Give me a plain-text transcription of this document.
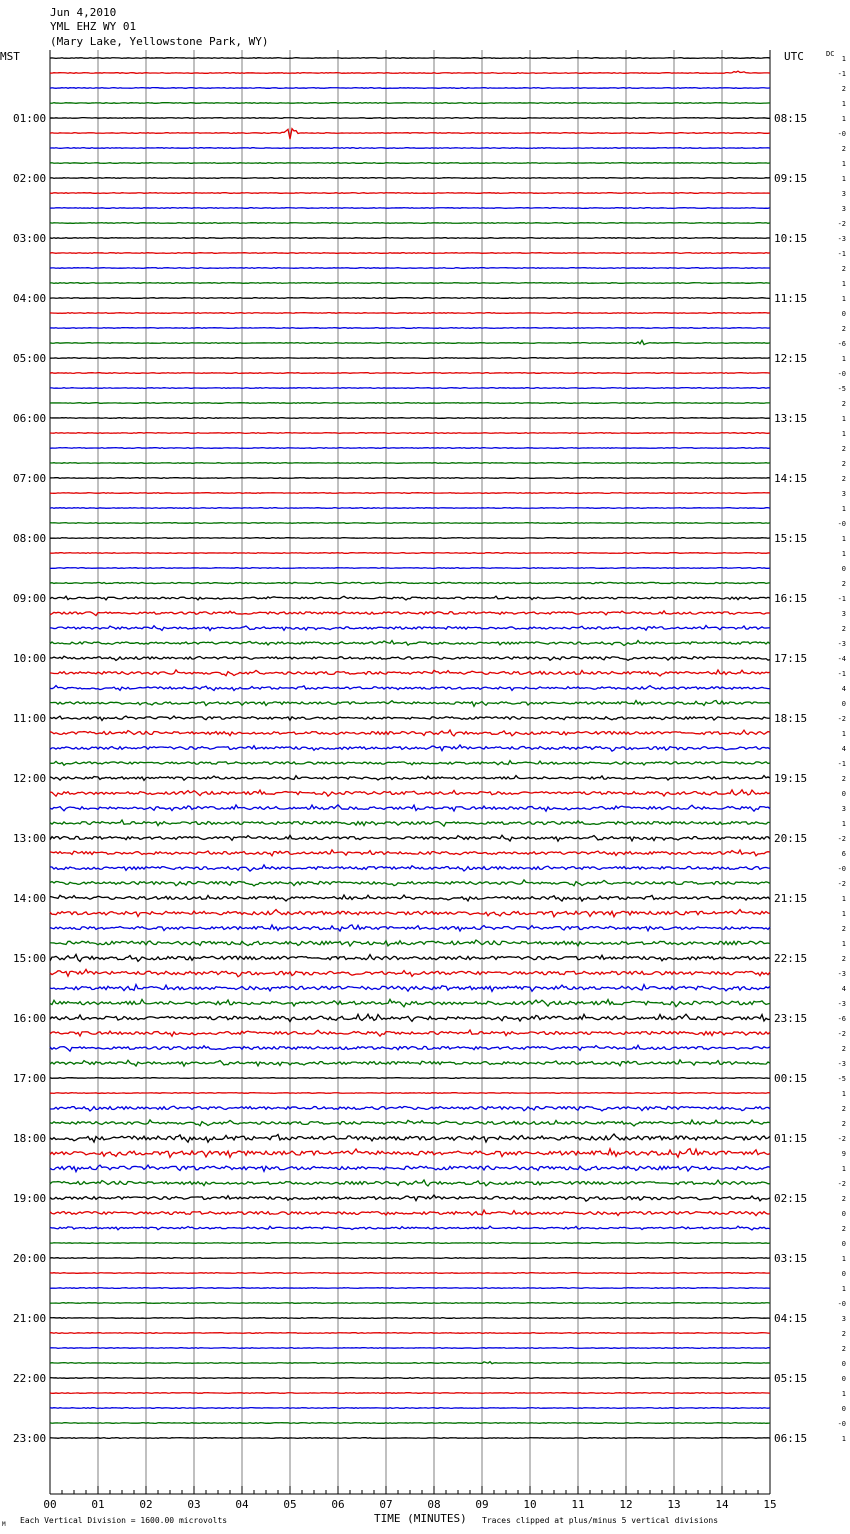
Jun 4,2010
YML EHZ WY 01
(Mary Lake, Yellowstone Park, WY)
MST	UTC	DC
01:00
02:00
03:00
04:00
05:00
06:00
07:00
08:00
09:00
10:00
11:00
12:00
13:00
14:00
15:00
16:00
17:00
18:00
19:00
20:00
21:00
22:00
23:00
08:15
09:15
10:15
11:15
12:15
13:15
14:15
15:15
16:15
17:15
18:15
19:15
20:15
21:15
22:15
23:15
00:15
01:15
02:15
03:15
04:15
05:15
06:15
1
-1
2
1
1
-0
2
1
1
3
3
-2
-3
-1
2
1
1
0
2
-6
1
-0
-5
2
1
1
2
2
2
3
1
-0
1
1
0
2
-1
3
2
-3
-4
-1
4
0
-2
1
4
-1
2
0
3
1
-2
6
-0
-2
1
1
2
1
2
-3
4
-3
-6
-2
2
-3
-5
1
2
2
-2
9
1
-2
2
0
2
0
1
0
1
-0
3
2
2
0
0
1
0
-0
1
00	01	02	03	04	05	06	07	08	09	10	11	12	13	14	15
TIME (MINUTES)
Each Vertical Division = 1600.00 microvolts	Traces clipped at plus/minus 5 vertical divisions
M
